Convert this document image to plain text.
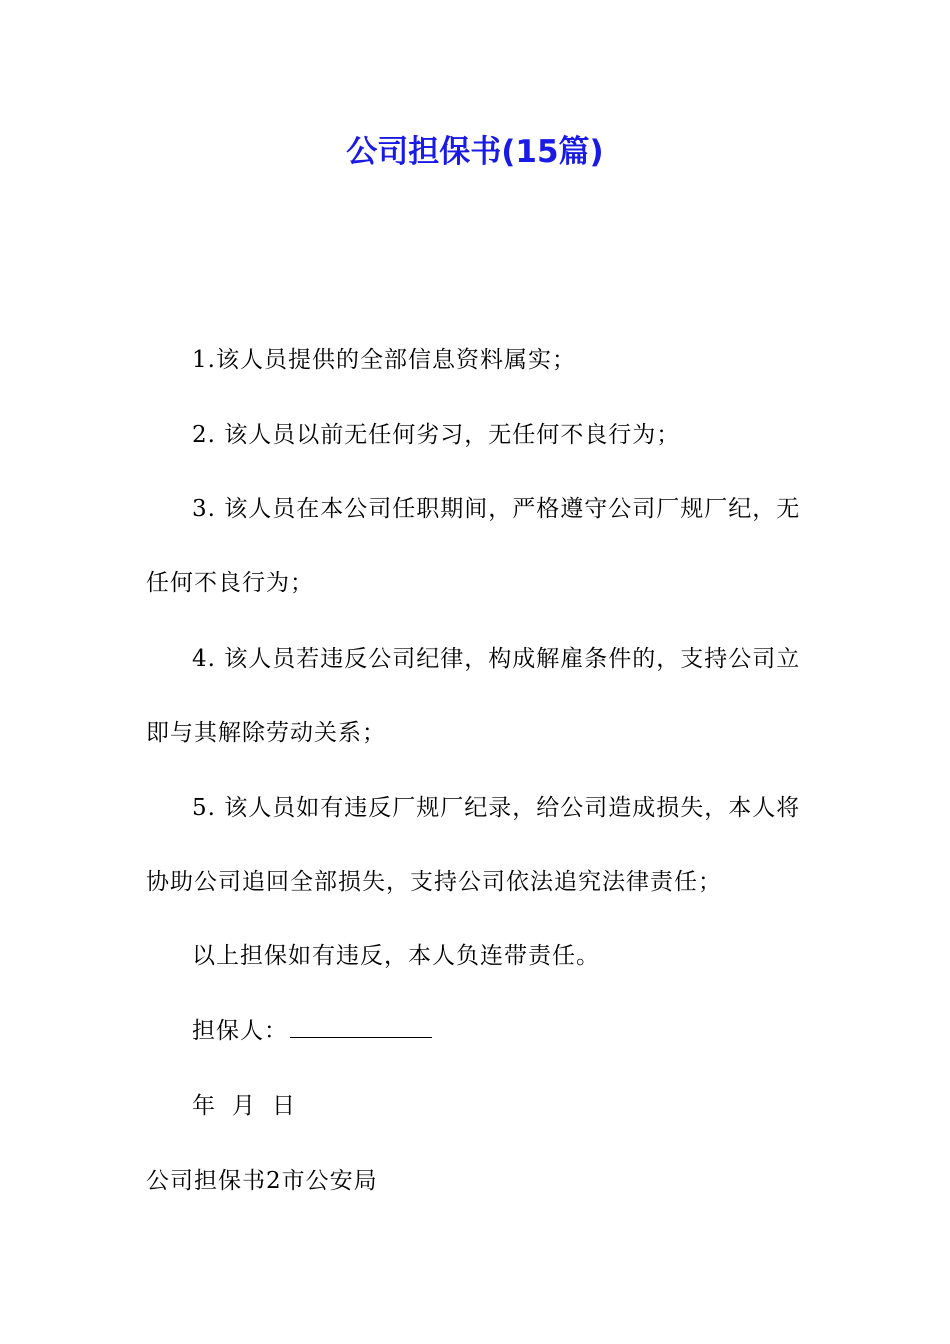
公司担保书(15篇)
1.该人员提供的全部信息资料属实；
2. 该人员以前无任何劣习，无任何不良行为；
3. 该人员在本公司任职期间，严格遵守公司厂规厂纪，无
任何不良行为；
4. 该人员若违反公司纪律，构成解雇条件的，支持公司立
即与其解除劳动关系；
5. 该人员如有违反厂规厂纪录，给公司造成损失，本人将
协助公司追回全部损失，支持公司依法追究法律责任；
以上担保如有违反，本人负连带责任。
担保人：
年 月 日
公司担保书2市公安局
